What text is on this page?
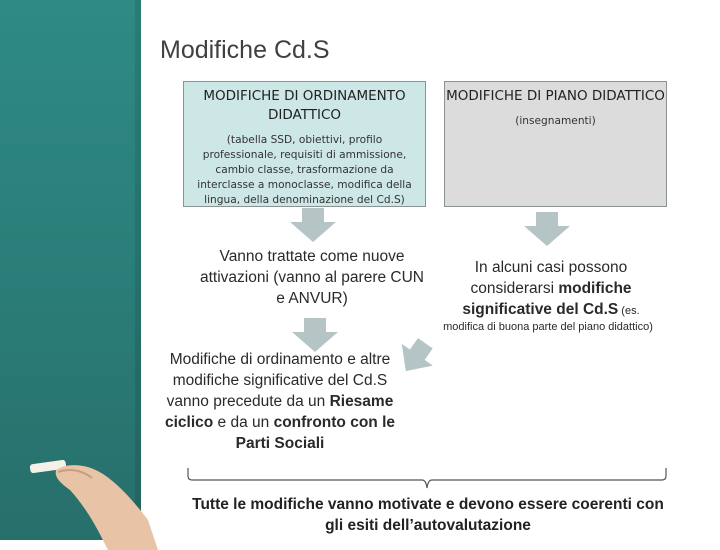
Modifiche Cd.S
MODIFICHE DI ORDINAMENTO DIDATTICO
(tabella SSD, obiettivi, profilo professionale, requisiti di ammissione, cambio classe, trasformazione da interclasse a monoclasse, modifica della lingua, della denominazione del Cd.S)
MODIFICHE DI PIANO DIDATTICO
(insegnamenti)
Vanno trattate come nuove attivazioni (vanno al parere CUN e ANVUR)
In alcuni casi possono considerarsi modifiche significative del Cd.S (es.
modifica di buona parte del piano didattico)
Modifiche di ordinamento e altre modifiche significative del Cd.S vanno precedute da un Riesame ciclico e da un confronto con le Parti Sociali
Tutte le modifiche vanno motivate e devono essere coerenti con gli esiti dell’autovalutazione
